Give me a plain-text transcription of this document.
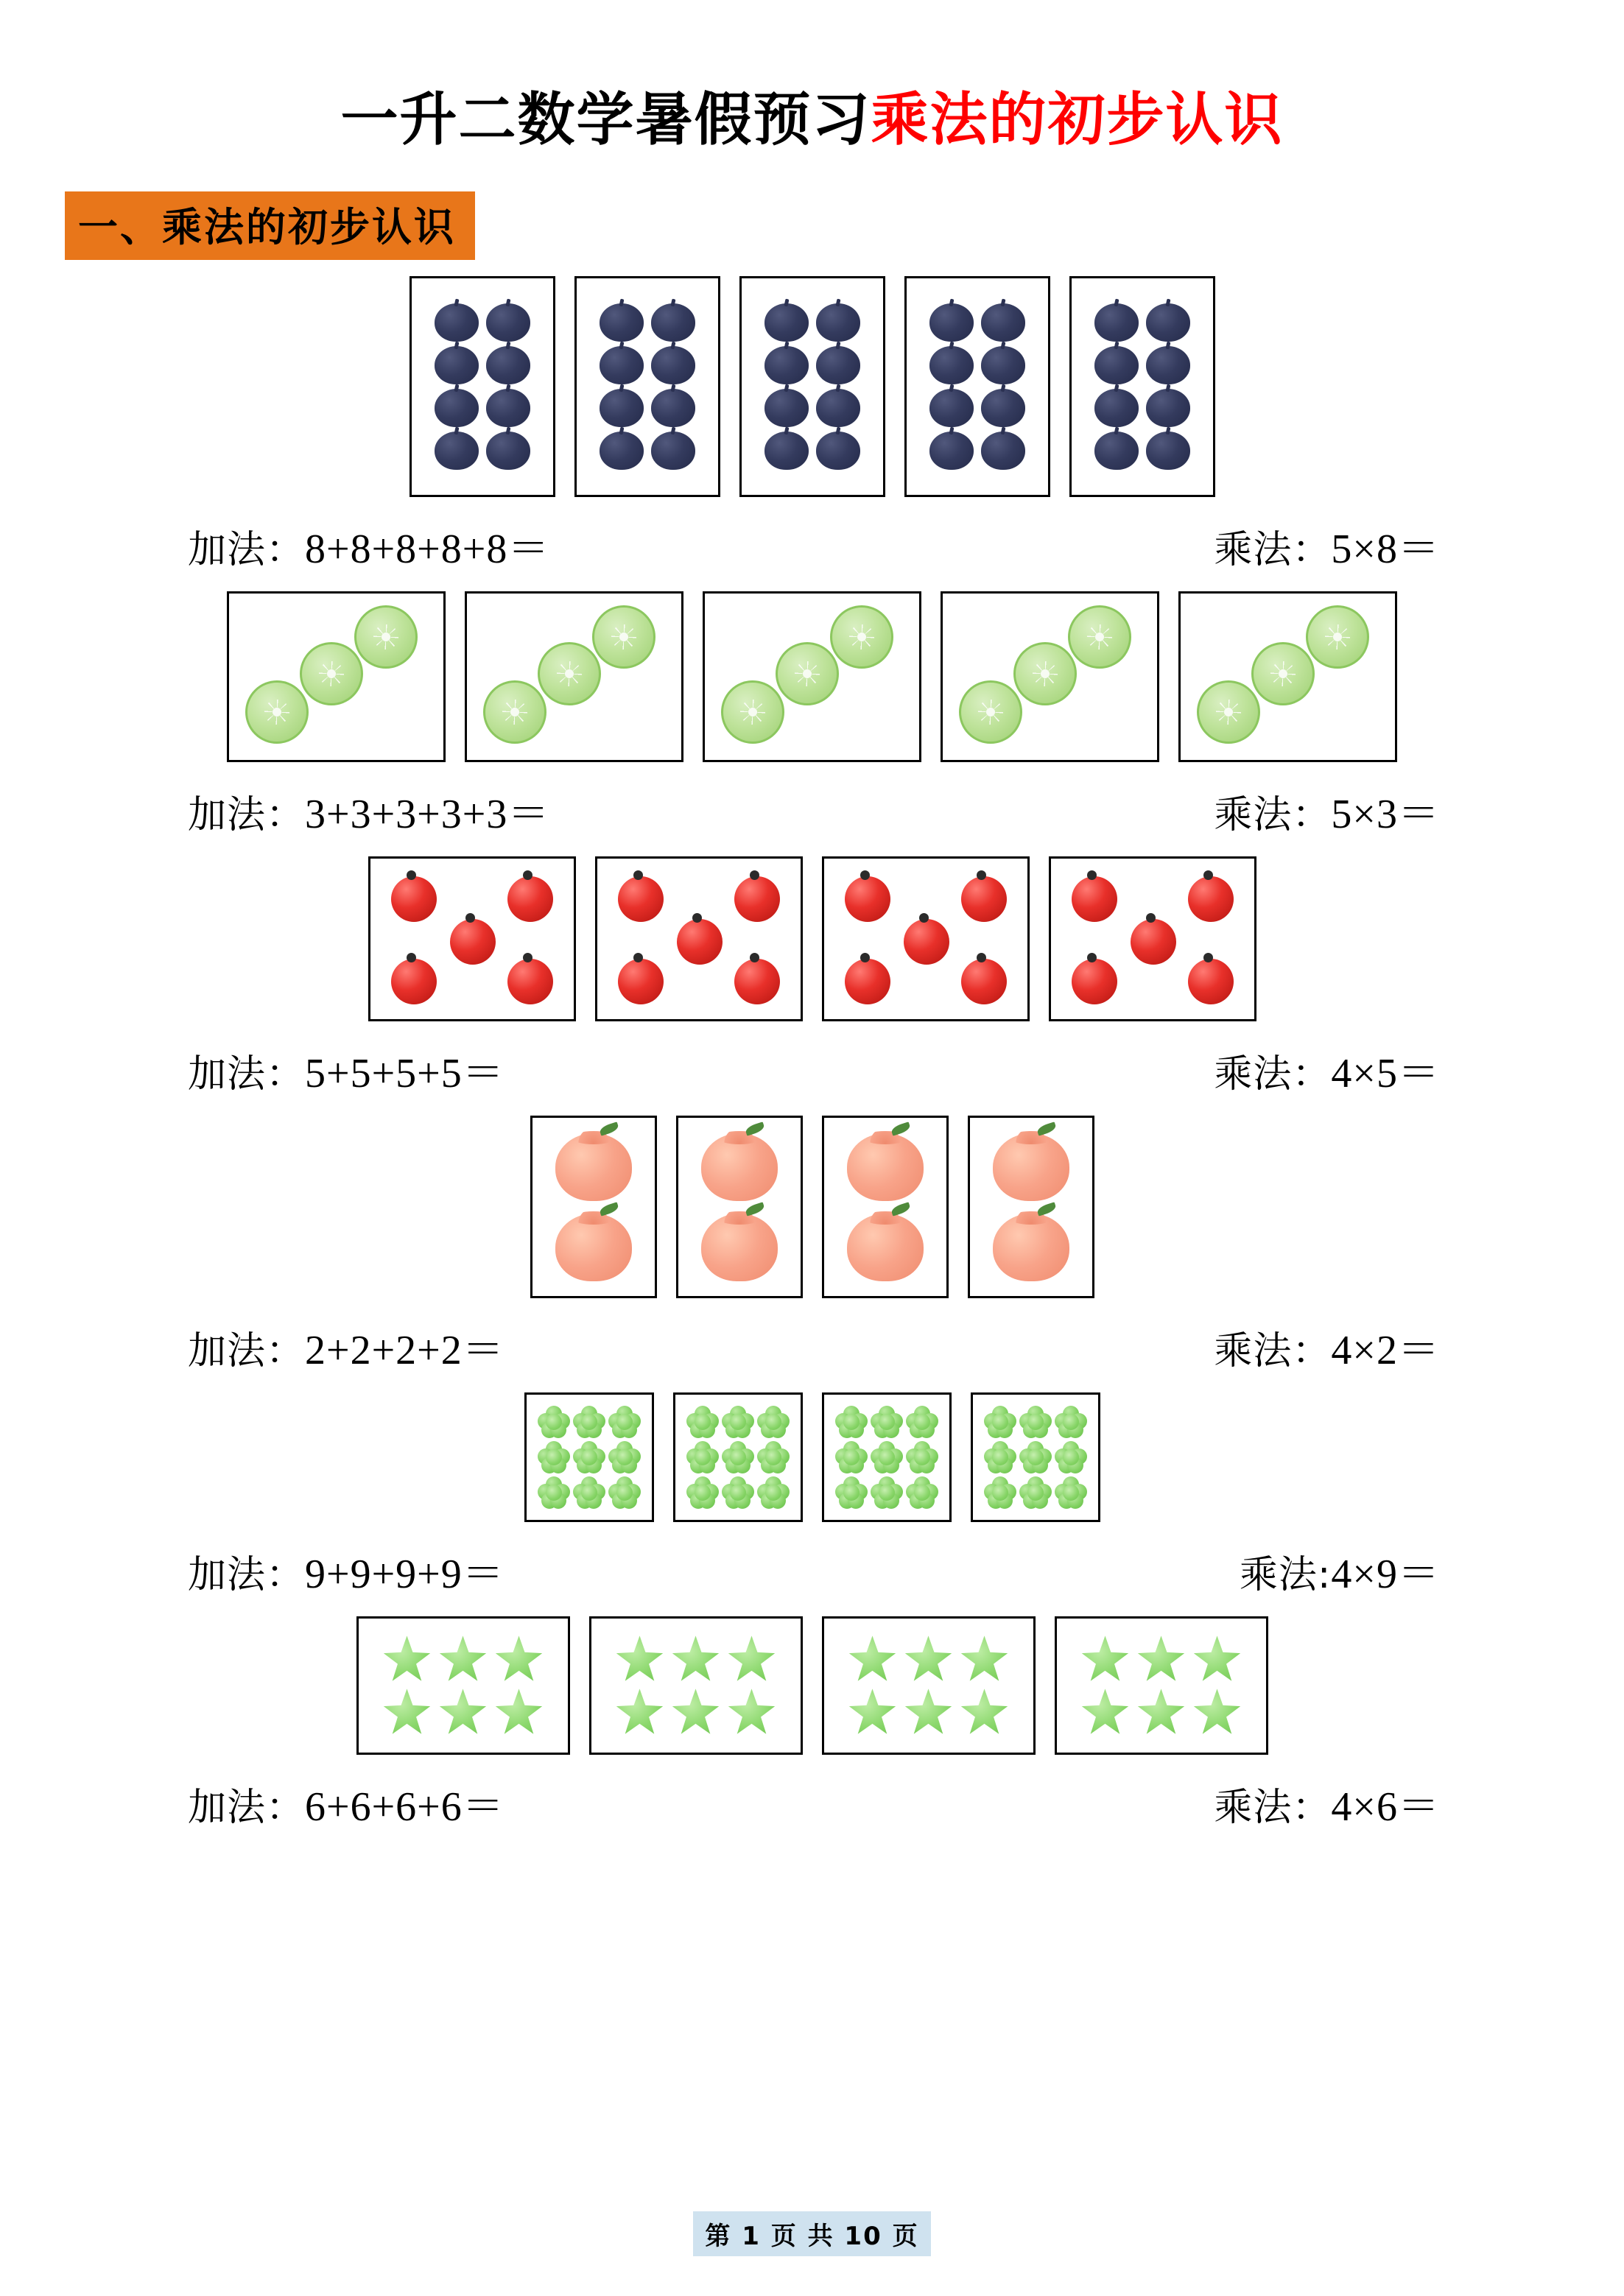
一升二数学暑假预习乘法的初步认识
一、乘法的初步认识
加法：8+8+8+8+8＝	乘法：5×8＝
加法：3+3+3+3+3＝	乘法：5×3＝
加法：5+5+5+5＝	乘法：4×5＝
加法：2+2+2+2＝	乘法：4×2＝
加法：9+9+9+9＝	乘法:4×9＝
加法：6+6+6+6＝	乘法：4×6＝
第 1 页 共 10 页
